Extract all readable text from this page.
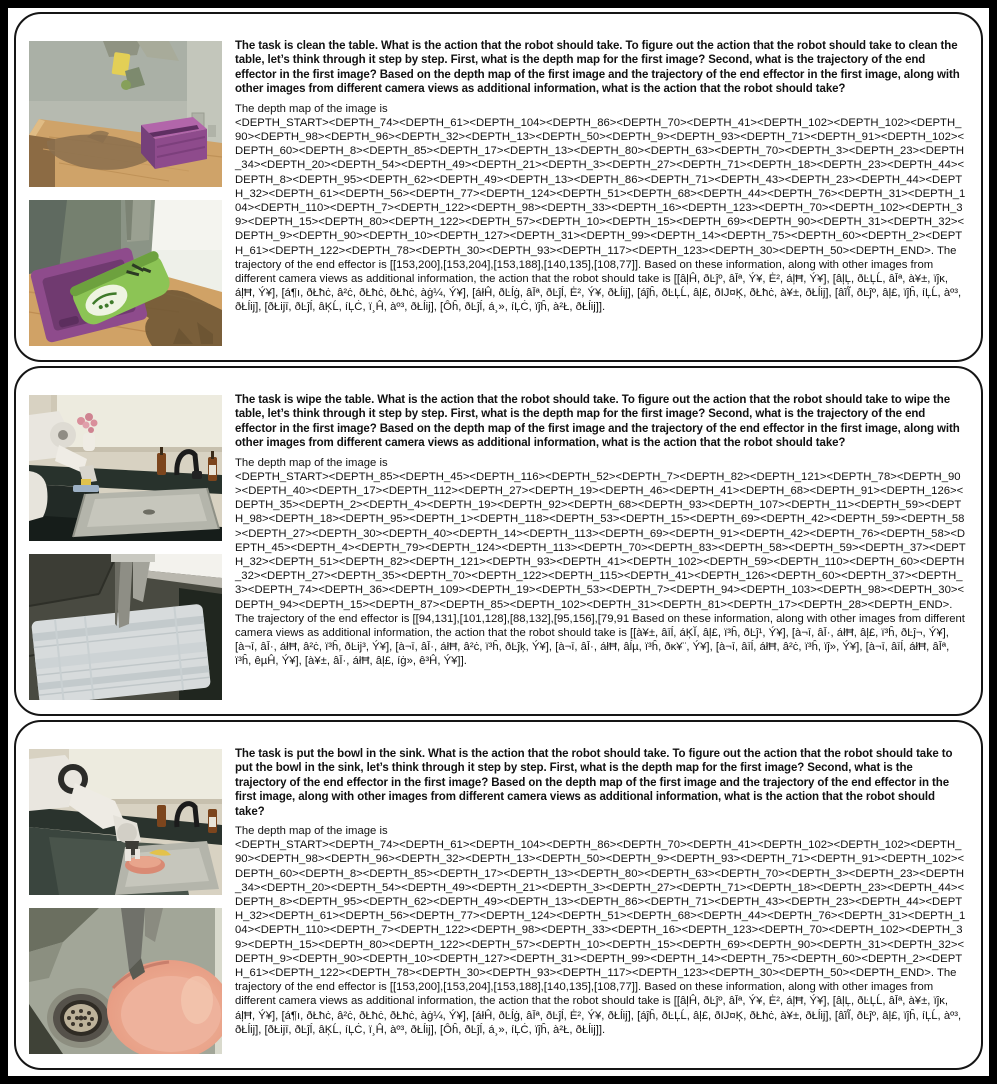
The task is clean the table. What is the action that the robot should take. To figure out the action that the robot should take to clean the table, let’s think through it step by step. First, what is the depth map for the first image? Second, what is the trajectory of the end effector in the first image? Based on the depth map of the first image and the trajectory of the end effector in the first image, along with other images from different camera views as additional information, what is the action that the robot should take?

The depth map of the image is

<DEPTH_START><DEPTH_74><DEPTH_61><DEPTH_104><DEPTH_86><DEPTH_70><DEPTH_41><DEPTH_102><DEPTH_102><DEPTH_90><DEPTH_98><DEPTH_96><DEPTH_32><DEPTH_13><DEPTH_50><DEPTH_9><DEPTH_93><DEPTH_71><DEPTH_91><DEPTH_102><DEPTH_60><DEPTH_8><DEPTH_85><DEPTH_17><DEPTH_13><DEPTH_80><DEPTH_63><DEPTH_70><DEPTH_3><DEPTH_23><DEPTH_34><DEPTH_20><DEPTH_54><DEPTH_49><DEPTH_21><DEPTH_3><DEPTH_27><DEPTH_71><DEPTH_18><DEPTH_23><DEPTH_44><DEPTH_8><DEPTH_95><DEPTH_62><DEPTH_49><DEPTH_13><DEPTH_86><DEPTH_71><DEPTH_43><DEPTH_23><DEPTH_44><DEPTH_32><DEPTH_61><DEPTH_56><DEPTH_77><DEPTH_124><DEPTH_51><DEPTH_68><DEPTH_44><DEPTH_76><DEPTH_31><DEPTH_104><DEPTH_110><DEPTH_7><DEPTH_122><DEPTH_98><DEPTH_33><DEPTH_16><DEPTH_123><DEPTH_70><DEPTH_102><DEPTH_39><DEPTH_15><DEPTH_80><DEPTH_122><DEPTH_57><DEPTH_10><DEPTH_15><DEPTH_69><DEPTH_90><DEPTH_31><DEPTH_32><DEPTH_9><DEPTH_90><DEPTH_10><DEPTH_127><DEPTH_31><DEPTH_99><DEPTH_14><DEPTH_75><DEPTH_60><DEPTH_2><DEPTH_61><DEPTH_122><DEPTH_78><DEPTH_30><DEPTH_93><DEPTH_117><DEPTH_123><DEPTH_30><DEPTH_50><DEPTH_END>. The trajectory of the end effector is [[153,200],[153,204],[153,188],[140,135],[108,77]]. Based on these information, along with other images from different camera views as additional information, the action that the robot should take is [[âļĤ, ðĿĵº, âĪª, Ý¥, Ė², áļĦ, Ý¥], [âļĻ, ðĿĻĹ, âĪª, à¥±, ïĵĸ, áļĦ, Ý¥], [á¶ı, ðŁħċ, â²ċ, ðŁħċ, ðŁħċ, àġ¼, Ý¥], [áłĤ, ðĿĺġ, âĪª, ðĿĵĺ, Ė², Ý¥, ðŁĺij], [áĵĥ, ðĿĻĹ, âļ£, ðIJ¤Ķ, ðŁħċ, à¥±, ðŁĺij], [âĩĨ, ðĿĵº, âļ£, ïĵĥ, íĻĹ, àº³, ðŁĺij], [ðŁĳī, ðĿĵĺ, âĶĹ, íĻĊ, ï¸Ĥ, àº³, ðŁĺij], [Ôĥ, ðĿĵĺ, á¸», íĻĊ, ïĵĥ, à²Ł, ðŁĺij]].

The task is wipe the table. What is the action that the robot should take. To figure out the action that the robot should take to wipe the table, let’s think through it step by step. First, what is the depth map for the first image? Second, what is the trajectory of the end effector in the first image? Based on the depth map of the first image and the trajectory of the end effector in the first image, along with other images from different camera views as additional information, what is the action that the robot should take?

The depth map of the image is

<DEPTH_START><DEPTH_85><DEPTH_45><DEPTH_116><DEPTH_52><DEPTH_7><DEPTH_82><DEPTH_121><DEPTH_78><DEPTH_90><DEPTH_40><DEPTH_17><DEPTH_112><DEPTH_27><DEPTH_19><DEPTH_46><DEPTH_41><DEPTH_68><DEPTH_91><DEPTH_126><DEPTH_35><DEPTH_2><DEPTH_4><DEPTH_19><DEPTH_92><DEPTH_68><DEPTH_93><DEPTH_107><DEPTH_11><DEPTH_59><DEPTH_98><DEPTH_18><DEPTH_95><DEPTH_1><DEPTH_118><DEPTH_53><DEPTH_15><DEPTH_69><DEPTH_42><DEPTH_59><DEPTH_58><DEPTH_27><DEPTH_30><DEPTH_40><DEPTH_14><DEPTH_113><DEPTH_69><DEPTH_91><DEPTH_42><DEPTH_76><DEPTH_58><DEPTH_45><DEPTH_4><DEPTH_79><DEPTH_124><DEPTH_113><DEPTH_70><DEPTH_83><DEPTH_58><DEPTH_59><DEPTH_37><DEPTH_32><DEPTH_51><DEPTH_82><DEPTH_121><DEPTH_93><DEPTH_41><DEPTH_102><DEPTH_59><DEPTH_110><DEPTH_60><DEPTH_32><DEPTH_27><DEPTH_35><DEPTH_70><DEPTH_122><DEPTH_115><DEPTH_41><DEPTH_126><DEPTH_60><DEPTH_37><DEPTH_3><DEPTH_74><DEPTH_36><DEPTH_109><DEPTH_19><DEPTH_53><DEPTH_7><DEPTH_94><DEPTH_103><DEPTH_98><DEPTH_30><DEPTH_94><DEPTH_15><DEPTH_87><DEPTH_85><DEPTH_102><DEPTH_31><DEPTH_81><DEPTH_17><DEPTH_28><DEPTH_END>. The trajectory of the end effector is [[94,131],[101,128],[88,132],[95,156],[79,91 Based on these information, along with other images from different camera views as additional information, the action that the robot should take is [[à¥±, âīĺ, áĶĬ, âļ£, ï³ĥ, ðĿĵ¹, Ý¥], [à¬ī, âĪ·, áłĦ, âļ£, ï³ĥ, ðĿĵ¬, Ý¥], [à¬ī, âĪ·, áłĦ, â²ċ, ï³ĥ, ðĿĳ³, Ý¥], [à¬ī, âĪ·, áłĦ, â²ċ, ï³ĥ, ðĿĵķ, Ý¥], [à¬ī, âĪ·, áłĦ, âĺµ, ï³ĥ, ðĸ¥¨, Ý¥], [à¬ī, âīĺ, áłĦ, â²ċ, ï³ĥ, ïĵ», Ý¥], [à¬ī, âīĺ, áłĦ, âĪª, ï³ĥ, êµĤ, Ý¥], [à¥±, âĪ·, áłĦ, âļ£, íġ», ê³Ĥ, Ý¥]].

The task is put the bowl in the sink. What is the action that the robot should take. To figure out the action that the robot should take to put the bowl in the sink, let’s think through it step by step. First, what is the depth map for the first image? Second, what is the trajectory of the end effector in the first image? Based on the depth map of the first image and the trajectory of the end effector in the first image, along with other images from different camera views as additional information, what is the action that the robot should take?

The depth map of the image is

<DEPTH_START><DEPTH_74><DEPTH_61><DEPTH_104><DEPTH_86><DEPTH_70><DEPTH_41><DEPTH_102><DEPTH_102><DEPTH_90><DEPTH_98><DEPTH_96><DEPTH_32><DEPTH_13><DEPTH_50><DEPTH_9><DEPTH_93><DEPTH_71><DEPTH_91><DEPTH_102><DEPTH_60><DEPTH_8><DEPTH_85><DEPTH_17><DEPTH_13><DEPTH_80><DEPTH_63><DEPTH_70><DEPTH_3><DEPTH_23><DEPTH_34><DEPTH_20><DEPTH_54><DEPTH_49><DEPTH_21><DEPTH_3><DEPTH_27><DEPTH_71><DEPTH_18><DEPTH_23><DEPTH_44><DEPTH_8><DEPTH_95><DEPTH_62><DEPTH_49><DEPTH_13><DEPTH_86><DEPTH_71><DEPTH_43><DEPTH_23><DEPTH_44><DEPTH_32><DEPTH_61><DEPTH_56><DEPTH_77><DEPTH_124><DEPTH_51><DEPTH_68><DEPTH_44><DEPTH_76><DEPTH_31><DEPTH_104><DEPTH_110><DEPTH_7><DEPTH_122><DEPTH_98><DEPTH_33><DEPTH_16><DEPTH_123><DEPTH_70><DEPTH_102><DEPTH_39><DEPTH_15><DEPTH_80><DEPTH_122><DEPTH_57><DEPTH_10><DEPTH_15><DEPTH_69><DEPTH_90><DEPTH_31><DEPTH_32><DEPTH_9><DEPTH_90><DEPTH_10><DEPTH_127><DEPTH_31><DEPTH_99><DEPTH_14><DEPTH_75><DEPTH_60><DEPTH_2><DEPTH_61><DEPTH_122><DEPTH_78><DEPTH_30><DEPTH_93><DEPTH_117><DEPTH_123><DEPTH_30><DEPTH_50><DEPTH_END>. The trajectory of the end effector is [[153,200],[153,204],[153,188],[140,135],[108,77]]. Based on these information, along with other images from different camera views as additional information, the action that the robot should take is [[âļĤ, ðĿĵº, âĪª, Ý¥, Ė², áļĦ, Ý¥], [âļĻ, ðĿĻĹ, âĪª, à¥±, ïĵĸ, áļĦ, Ý¥], [á¶ı, ðŁħċ, â²ċ, ðŁħċ, ðŁħċ, àġ¼, Ý¥], [áłĤ, ðĿĺġ, âĪª, ðĿĵĺ, Ė², Ý¥, ðŁĺij], [áĵĥ, ðĿĻĹ, âļ£, ðIJ¤Ķ, ðŁħċ, à¥±, ðŁĺij], [âĩĨ, ðĿĵº, âļ£, ïĵĥ, íĻĹ, àº³, ðŁĺij], [ðŁĳī, ðĿĵĺ, âĶĹ, íĻĊ, ï¸Ĥ, àº³, ðŁĺij], [Ôĥ, ðĿĵĺ, á¸», íĻĊ, ïĵĥ, à²Ł, ðŁĺij]].
